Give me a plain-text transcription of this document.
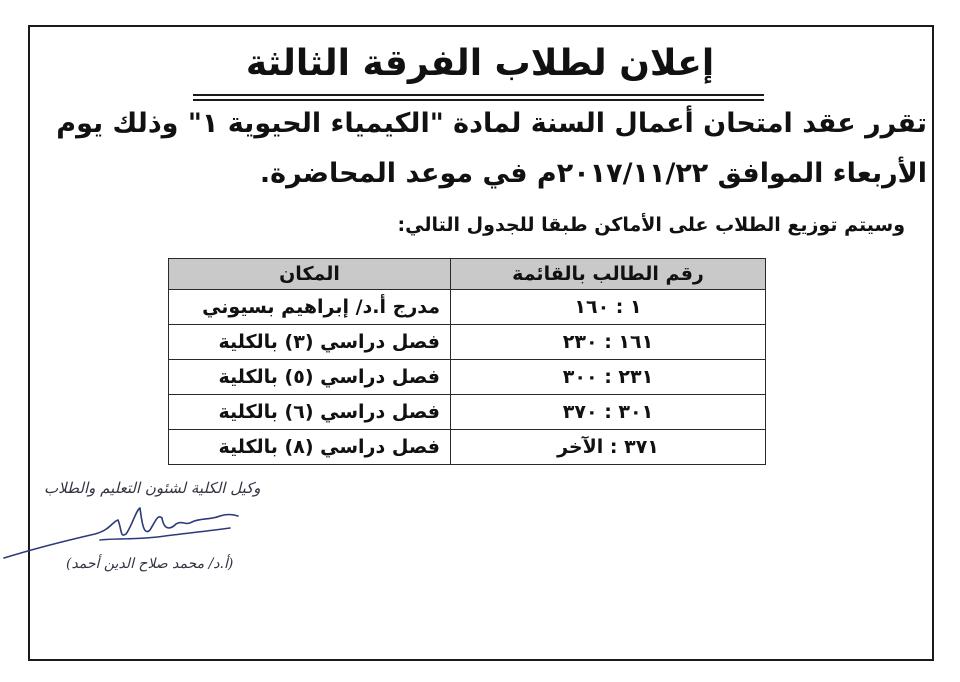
إعلان لطلاب الفرقة الثالثة
تقرر عقد امتحان أعمال السنة لمادة "الكيمياء الحيوية ١" وذلك يوم
الأربعاء الموافق ٢٠١٧/١١/٢٢م في موعد المحاضرة.
وسيتم توزيع الطلاب على الأماكن طبقا للجدول التالي:
رقم الطالب بالقائمة	المكان
١ : ١٦٠	مدرج أ.د/ إبراهيم بسيوني
١٦١ : ٢٣٠	فصل دراسي (٣) بالكلية
٢٣١ : ٣٠٠	فصل دراسي (٥) بالكلية
٣٠١ : ٣٧٠	فصل دراسي (٦) بالكلية
٣٧١ : الآخر	فصل دراسي (٨) بالكلية
وكيل الكلية لشئون التعليم والطلاب
(أ.د/ محمد صلاح الدين أحمد)
